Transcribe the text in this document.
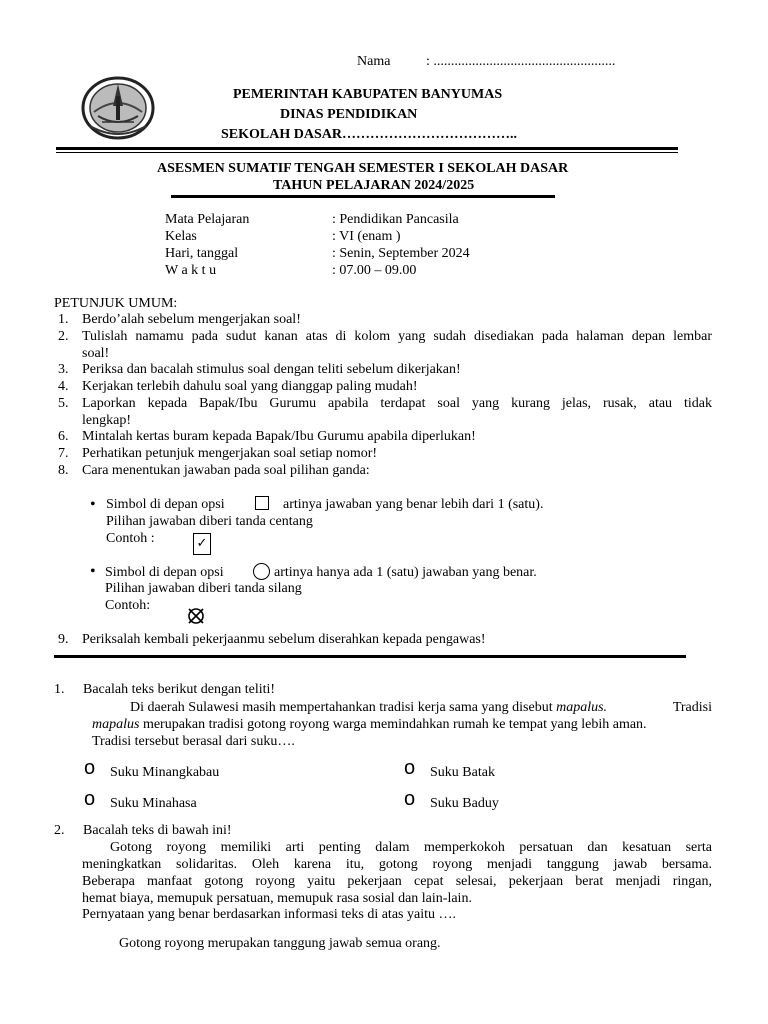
Nama	: ....................................................
PEMERINTAH KABUPATEN BANYUMAS
DINAS PENDIDIKAN
SEKOLAH DASAR………………………………..
ASESMEN SUMATIF TENGAH SEMESTER I SEKOLAH DASAR
TAHUN PELAJARAN 2024/2025
Mata Pelajaran	: Pendidikan Pancasila
Kelas	: VI (enam )
Hari, tanggal	: Senin, September 2024
W a k t u	: 07.00 – 09.00
PETUNJUK UMUM:
1. Berdo’alah sebelum mengerjakan soal!
2. Tulislah namamu pada sudut kanan atas di kolom yang sudah disediakan pada halaman depan lembar
soal!
3. Periksa dan bacalah stimulus soal dengan teliti sebelum dikerjakan!
4. Kerjakan terlebih dahulu soal yang dianggap paling mudah!
5. Laporkan kepada Bapak/Ibu Gurumu apabila terdapat soal yang kurang jelas, rusak, atau tidak
lengkap!
6. Mintalah kertas buram kepada Bapak/Ibu Gurumu apabila diperlukan!
7. Perhatikan petunjuk mengerjakan soal setiap nomor!
8. Cara menentukan jawaban pada soal pilihan ganda:
• Simbol di depan opsi	artinya jawaban yang benar lebih dari 1 (satu).
Pilihan jawaban diberi tanda centang
Contoh :	✓
• Simbol di depan opsi	artinya hanya ada 1 (satu) jawaban yang benar.
Pilihan jawaban diberi tanda silang
Contoh:
9. Periksalah kembali pekerjaanmu sebelum diserahkan kepada pengawas!
1. Bacalah teks berikut dengan teliti!
Di daerah Sulawesi masih mempertahankan tradisi kerja sama yang disebut mapalus.	Tradisi
mapalus merupakan tradisi gotong royong warga memindahkan rumah ke tempat yang lebih aman.
Tradisi tersebut berasal dari suku….
o Suku Minangkabau	o Suku Batak
o Suku Minahasa	o Suku Baduy
2. Bacalah teks di bawah ini!
Gotong royong memiliki arti penting dalam memperkokoh persatuan dan kesatuan serta
meningkatkan solidaritas. Oleh karena itu, gotong royong menjadi tanggung jawab bersama.
Beberapa manfaat gotong royong yaitu pekerjaan cepat selesai, pekerjaan berat menjadi ringan,
hemat biaya, memupuk persatuan, memupuk rasa sosial dan lain-lain.
Pernyataan yang benar berdasarkan informasi teks di atas yaitu ….
Gotong royong merupakan tanggung jawab semua orang.
